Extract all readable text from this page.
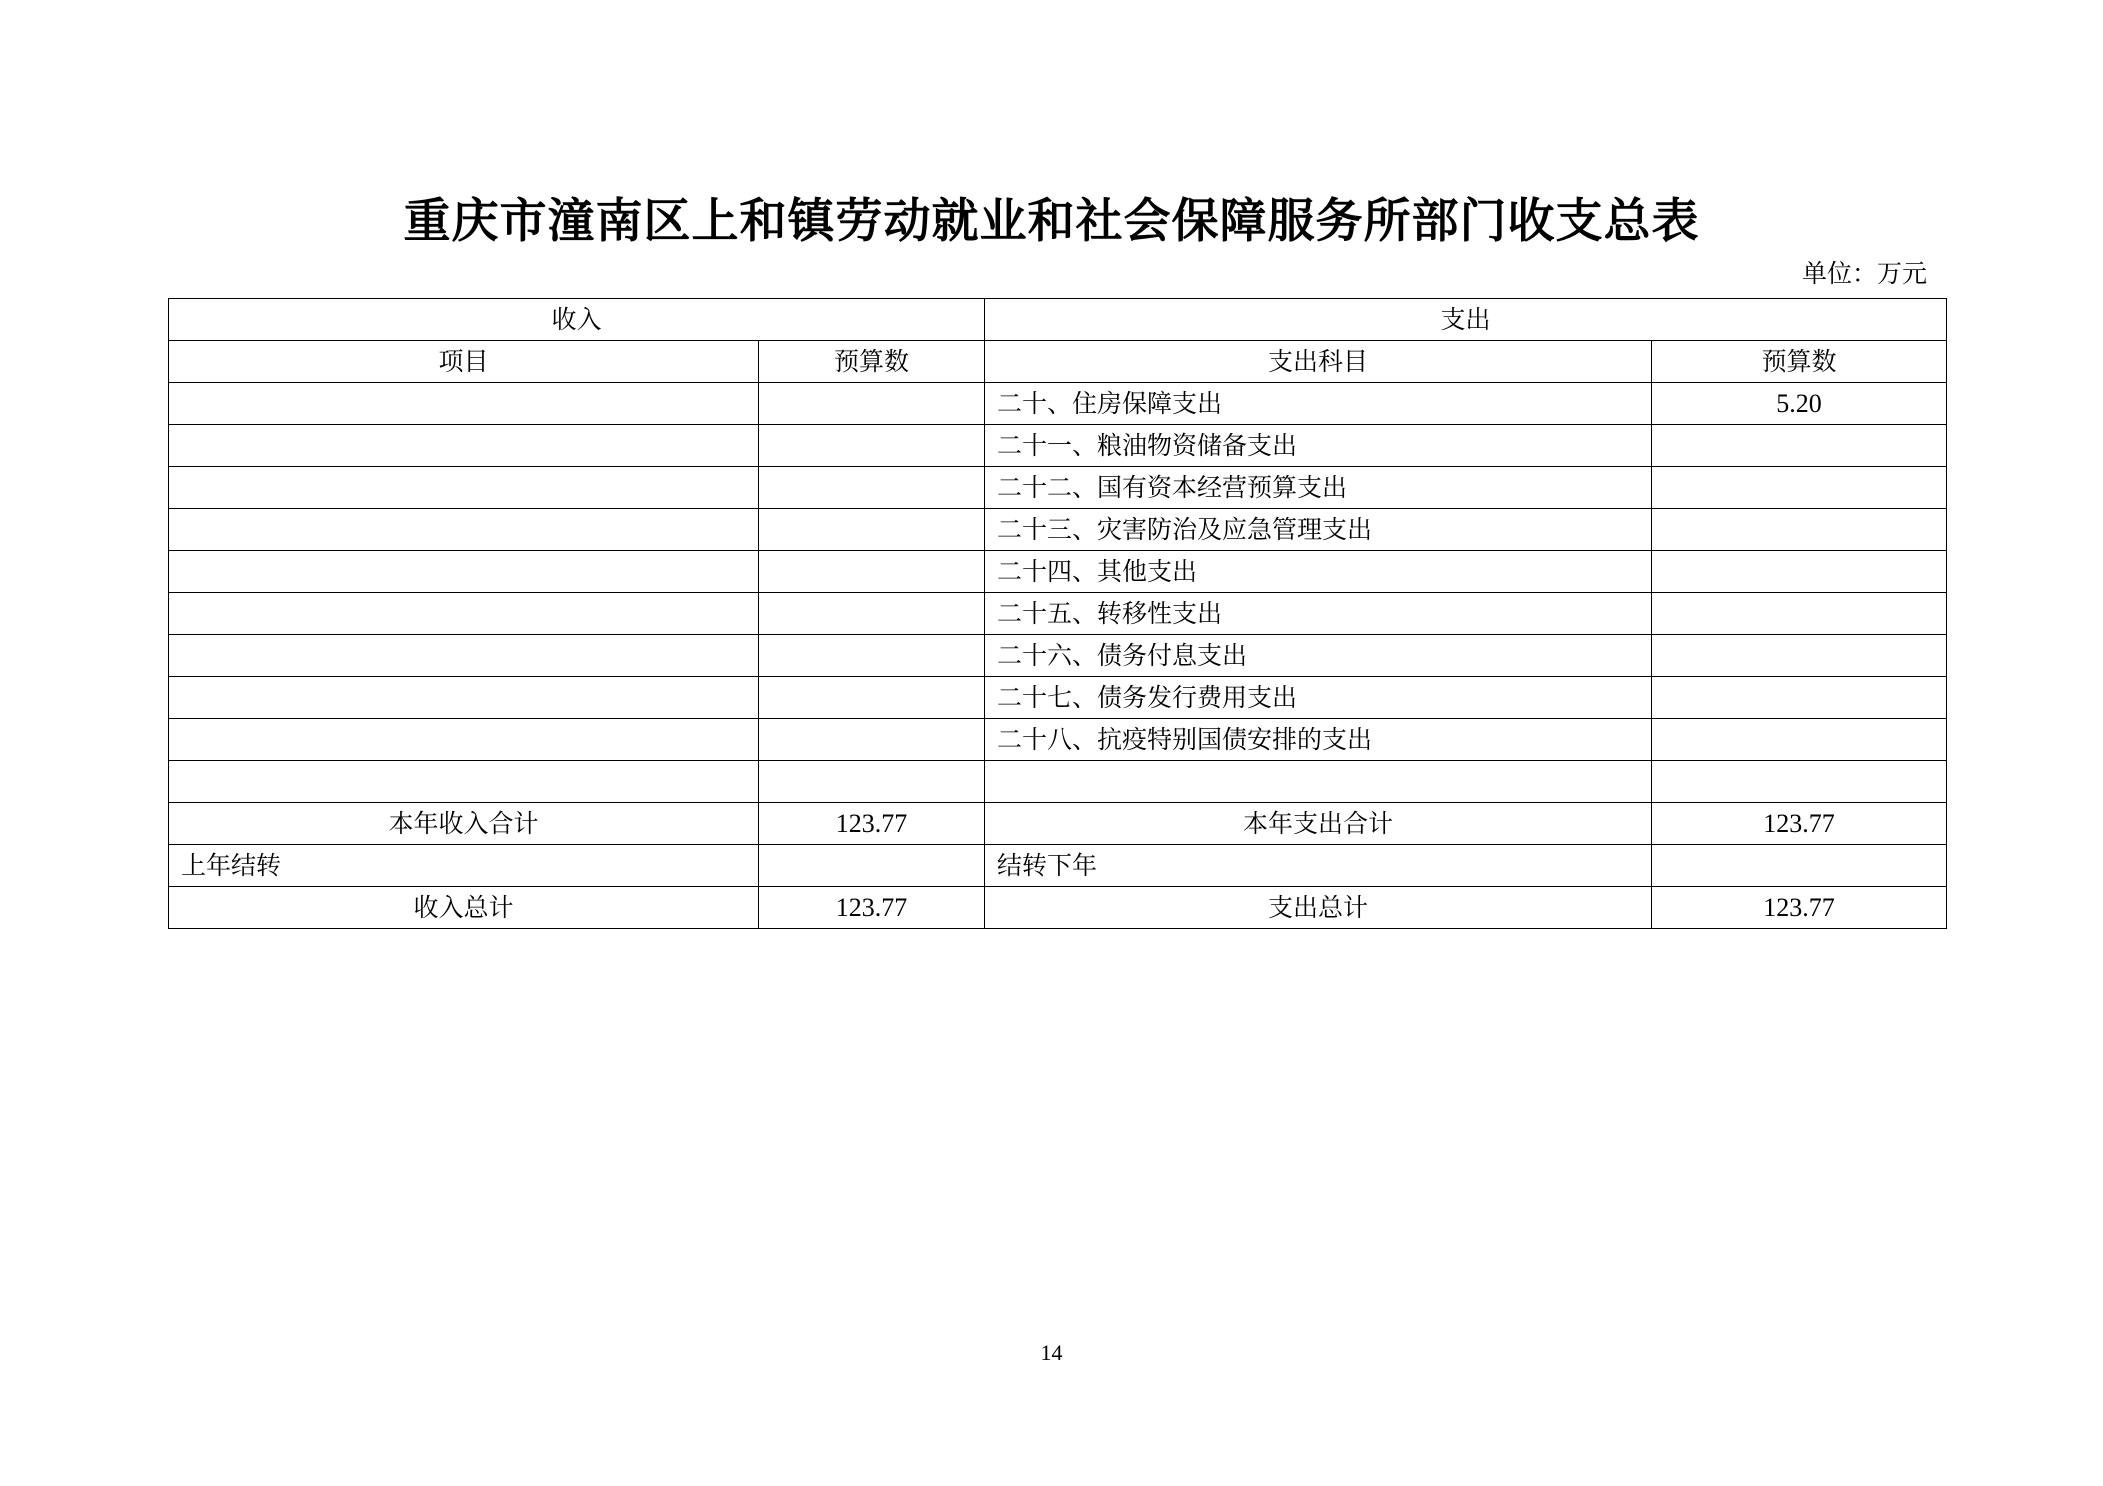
重庆市潼南区上和镇劳动就业和社会保障服务所部门收支总表
单位：万元
收入		支出	
项目	预算数	支出科目	预算数
		二十、住房保障支出	5.20
		二十一、粮油物资储备支出	
		二十二、国有资本经营预算支出	
		二十三、灾害防治及应急管理支出	
		二十四、其他支出	
		二十五、转移性支出	
		二十六、债务付息支出	
		二十七、债务发行费用支出	
		二十八、抗疫特别国债安排的支出	

本年收入合计	123.77	本年支出合计	123.77
上年结转		结转下年	
收入总计	123.77	支出总计	123.77
14
